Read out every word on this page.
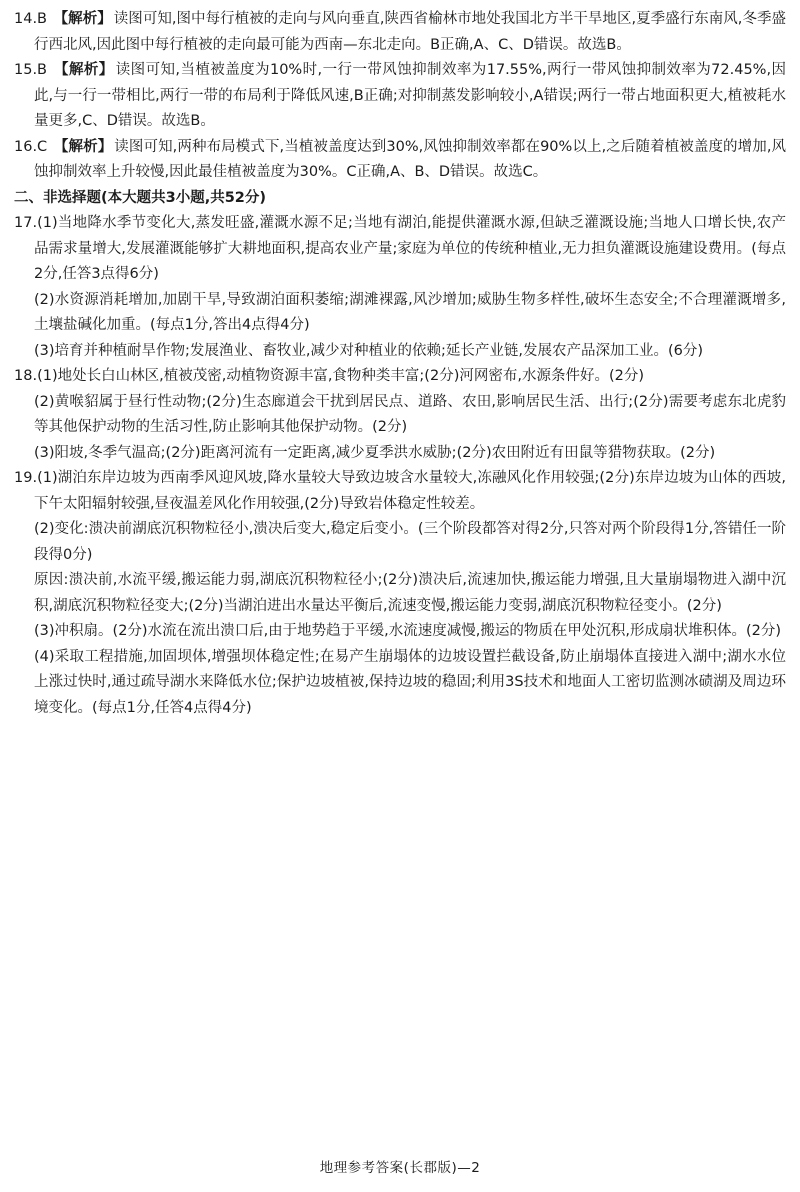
14.B 【解析】 读图可知,图中每行植被的走向与风向垂直,陕西省榆林市地处我国北方半干旱地区,夏季盛行东南风,冬季盛行西北风,因此图中每行植被的走向最可能为西南—东北走向。B正确,A、C、D错误。故选B。

15.B 【解析】 读图可知,当植被盖度为10%时,一行一带风蚀抑制效率为17.55%,两行一带风蚀抑制效率为72.45%,因此,与一行一带相比,两行一带的布局利于降低风速,B正确;对抑制蒸发影响较小,A错误;两行一带占地面积更大,植被耗水量更多,C、D错误。故选B。

16.C 【解析】 读图可知,两种布局模式下,当植被盖度达到30%,风蚀抑制效率都在90%以上,之后随着植被盖度的增加,风蚀抑制效率上升较慢,因此最佳植被盖度为30%。C正确,A、B、D错误。故选C。

二、非选择题(本大题共3小题,共52分)

17.(1)当地降水季节变化大,蒸发旺盛,灌溉水源不足;当地有湖泊,能提供灌溉水源,但缺乏灌溉设施;当地人口增长快,农产品需求量增大,发展灌溉能够扩大耕地面积,提高农业产量;家庭为单位的传统种植业,无力担负灌溉设施建设费用。(每点2分,任答3点得6分)

(2)水资源消耗增加,加剧干旱,导致湖泊面积萎缩;湖滩裸露,风沙增加;威胁生物多样性,破坏生态安全;不合理灌溉增多,土壤盐碱化加重。(每点1分,答出4点得4分)

(3)培育并种植耐旱作物;发展渔业、畜牧业,减少对种植业的依赖;延长产业链,发展农产品深加工业。(6分)

18.(1)地处长白山林区,植被茂密,动植物资源丰富,食物种类丰富;(2分)河网密布,水源条件好。(2分)

(2)黄喉貂属于昼行性动物;(2分)生态廊道会干扰到居民点、道路、农田,影响居民生活、出行;(2分)需要考虑东北虎豹等其他保护动物的生活习性,防止影响其他保护动物。(2分)

(3)阳坡,冬季气温高;(2分)距离河流有一定距离,减少夏季洪水威胁;(2分)农田附近有田鼠等猎物获取。(2分)

19.(1)湖泊东岸边坡为西南季风迎风坡,降水量较大导致边坡含水量较大,冻融风化作用较强;(2分)东岸边坡为山体的西坡,下午太阳辐射较强,昼夜温差风化作用较强,(2分)导致岩体稳定性较差。

(2)变化:溃决前湖底沉积物粒径小,溃决后变大,稳定后变小。(三个阶段都答对得2分,只答对两个阶段得1分,答错任一阶段得0分)

原因:溃决前,水流平缓,搬运能力弱,湖底沉积物粒径小;(2分)溃决后,流速加快,搬运能力增强,且大量崩塌物进入湖中沉积,湖底沉积物粒径变大;(2分)当湖泊进出水量达平衡后,流速变慢,搬运能力变弱,湖底沉积物粒径变小。(2分)

(3)冲积扇。(2分)水流在流出溃口后,由于地势趋于平缓,水流速度减慢,搬运的物质在甲处沉积,形成扇状堆积体。(2分)

(4)采取工程措施,加固坝体,增强坝体稳定性;在易产生崩塌体的边坡设置拦截设备,防止崩塌体直接进入湖中;湖水水位上涨过快时,通过疏导湖水来降低水位;保护边坡植被,保持边坡的稳固;利用3S技术和地面人工密切监测冰碛湖及周边环境变化。(每点1分,任答4点得4分)

地理参考答案(长郡版)—2
